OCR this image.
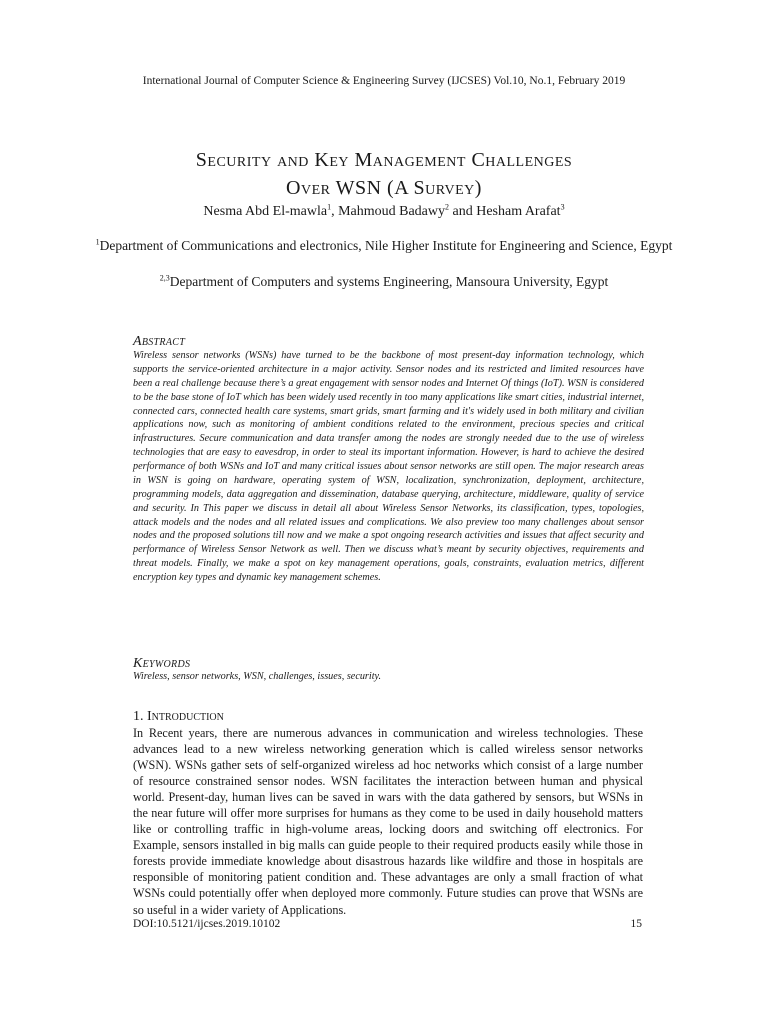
International Journal of Computer Science & Engineering Survey (IJCSES) Vol.10, No.1, February 2019
Security and Key Management Challenges
Over WSN (A Survey)
Nesma Abd El-mawla$^1$, Mahmoud Badawy$^2$ and Hesham Arafat$^3$
$^1$Department of Communications and electronics, Nile Higher Institute for Engineering and Science, Egypt
$^{2,3}$Department of Computers and systems Engineering, Mansoura University, Egypt
Abstract

Wireless sensor networks (WSNs) have turned to be the backbone of most present-day information technology, which supports the service-oriented architecture in a major activity. Sensor nodes and its restricted and limited resources have been a real challenge because there’s a great engagement with sensor nodes and Internet Of things (IoT). WSN is considered to be the base stone of IoT which has been widely used recently in too many applications like smart cities, industrial internet, connected cars, connected health care systems, smart grids, smart farming and it's widely used in both military and civilian applications now, such as monitoring of ambient conditions related to the environment, precious species and critical infrastructures. Secure communication and data transfer among the nodes are strongly needed due to the use of wireless technologies that are easy to eavesdrop, in order to steal its important information. However, is hard to achieve the desired performance of both WSNs and IoT and many critical issues about sensor networks are still open. The major research areas in WSN is going on hardware, operating system of WSN, localization, synchronization, deployment, architecture, programming models, data aggregation and dissemination, database querying, architecture, middleware, quality of service and security. In This paper we discuss in detail all about Wireless Sensor Networks, its classification, types, topologies, attack models and the nodes and all related issues and complications. We also preview too many challenges about sensor nodes and the proposed solutions till now and we make a spot ongoing research activities and issues that affect security and performance of Wireless Sensor Network as well. Then we discuss what’s meant by security objectives, requirements and threat models. Finally, we make a spot on key management operations, goals, constraints, evaluation metrics, different encryption key types and dynamic key management schemes.

Keywords

Wireless, sensor networks, WSN, challenges, issues, security.

1. Introduction

In Recent years, there are numerous advances in communication and wireless technologies. These advances lead to a new wireless networking generation which is called wireless sensor networks (WSN). WSNs gather sets of self-organized wireless ad hoc networks which consist of a large number of resource constrained sensor nodes. WSN facilitates the interaction between human and physical world. Present-day, human lives can be saved in wars with the data gathered by sensors, but WSNs in the near future will offer more surprises for humans as they come to be used in daily household matters like or controlling traffic in high-volume areas, locking doors and switching off electronics. For Example, sensors installed in big malls can guide people to their required products easily while those in forests provide immediate knowledge about disastrous hazards like wildfire and those in hospitals are responsible of monitoring patient condition and. These advantages are only a small fraction of what WSNs could potentially offer when deployed more commonly. Future studies can prove that WSNs are so useful in a wider variety of Applications.

DOI:10.5121/ijcses.2019.10102	15
